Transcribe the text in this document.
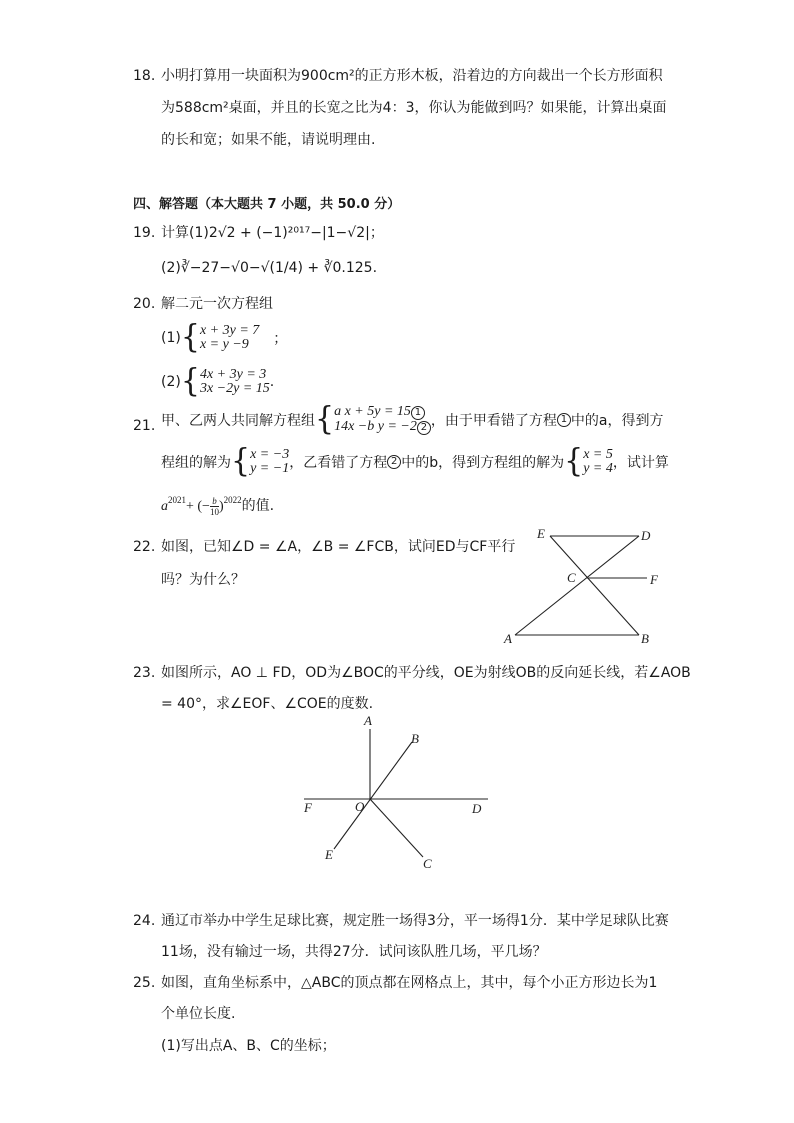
18. 小明打算用一块面积为900cm²的正方形木板，沿着边的方向裁出一个长方形面积
为588cm²桌面，并且的长宽之比为4：3，你认为能做到吗？如果能，计算出桌面
的长和宽；如果不能，请说明理由.
四、解答题（本大题共 7 小题，共 50.0 分）
19. 计算(1)2√2 + (−1)²⁰¹⁷−|1−√2|；
(2)∛−27−√0−√(1/4) + ∛0.125.
20. 解二元一次方程组
(1) { x + 3y = 7
x = y −9	；
(2) { 4x + 3y = 3
3x −2y = 15 .
21. 甲、乙两人共同解方程组 { a x + 5y = 15 1
14x −b y = −2 2 ，由于甲看错了方程 1 中的a，得到方
程组的解为 { x = −3
y = −1 ，乙看错了方程 2 中的b，得到方程组的解为 { x = 5
y = 4 ，试计算
$a^{2021}+$ (− $\frac{b}{10} )^{2022}$的值.
22. 如图，已知∠D = ∠A，∠B = ∠FCB，试问ED与CF平行
吗？为什么？
E	D
C	F
A	B
23. 如图所示，AO ⊥ FD，OD为∠BOC的平分线，OE为射线OB的反向延长线，若∠AOB
= 40°，求∠EOF、∠COE的度数.
A
B
F	O	D
E
C
24. 通辽市举办中学生足球比赛，规定胜一场得3分，平一场得1分．某中学足球队比赛
11场，没有输过一场，共得27分．试问该队胜几场，平几场？
25. 如图，直角坐标系中，△ABC的顶点都在网格点上，其中，每个小正方形边长为1
个单位长度.
(1)写出点A、B、C的坐标；
